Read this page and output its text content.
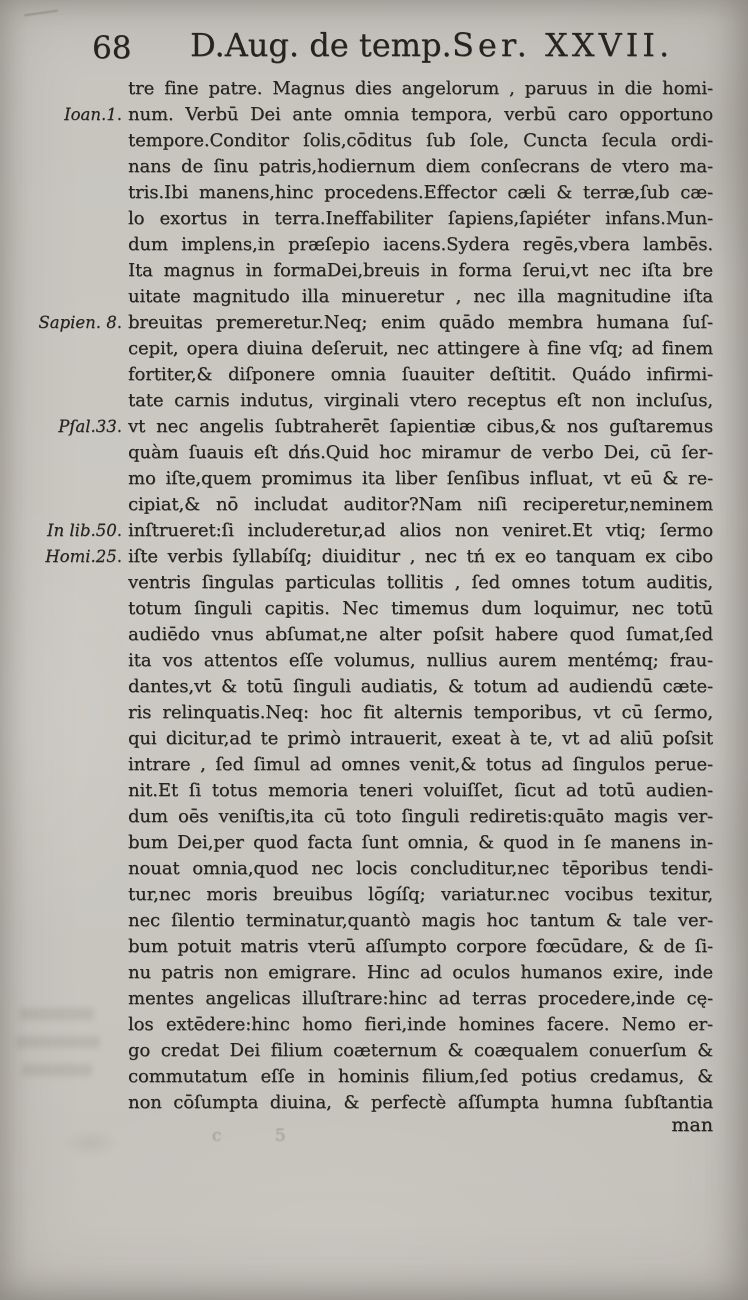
68 D.Aug. de temp. Ser. XXVII.
Ioan.1.
Sapien. 8.
Pſal.33.
In lib.50.
Homi.25.
tre fine patre. Magnus dies angelorum , paruus in die homi-
num. Verbū Dei ante omnia tempora, verbū caro opportuno
tempore.Conditor ſolis,cōditus ſub ſole, Cuncta ſecula ordi-
nans de ſinu patris,hodiernum diem conſecrans de vtero ma-
tris.Ibi manens,hinc procedens.Effector cæli & terræ,ſub cæ-
lo exortus in terra.Ineffabiliter ſapiens,ſapiéter infans.Mun-
dum implens,in præſepio iacens.Sydera regēs,vbera lambēs.
Ita magnus in formaDei,breuis in forma ſerui,vt nec iſta bre
uitate magnitudo illa minueretur , nec illa magnitudine iſta
breuitas premeretur.Neq; enim quādo membra humana ſuſ-
cepit, opera diuina deſeruit, nec attingere à fine vſq; ad finem
fortiter,& diſponere omnia ſuauiter deſtitit. Quádo infirmi-
tate carnis indutus, virginali vtero receptus eſt non incluſus,
vt nec angelis ſubtraherēt ſapientiæ cibus,& nos guſtaremus
quàm ſuauis eſt dńs.Quid hoc miramur de verbo Dei, cū ſer-
mo iſte,quem promimus ita liber ſenſibus influat, vt eū & re-
cipiat,& nō includat auditor?Nam niſi reciperetur,neminem
inſtrueret:ſi includeretur,ad alios non veniret.Et vtiq; ſermo
iſte verbis ſyllabíſq; diuiditur , nec tń ex eo tanquam ex cibo
ventris ſingulas particulas tollitis , ſed omnes totum auditis,
totum ſinguli capitis. Nec timemus dum loquimur, nec totū
audiēdo vnus abſumat,ne alter poſsit habere quod ſumat,ſed
ita vos attentos eſſe volumus, nullius aurem mentémq; frau-
dantes,vt & totū ſinguli audiatis, & totum ad audiendū cæte-
ris relinquatis.Neq: hoc fit alternis temporibus, vt cū ſermo,
qui dicitur,ad te primò intrauerit, exeat à te, vt ad aliū poſsit
intrare , ſed ſimul ad omnes venit,& totus ad ſingulos perue-
nit.Et ſi totus memoria teneri voluiſſet, ſicut ad totū audien-
dum oēs veniſtis,ita cū toto ſinguli rediretis:quāto magis ver-
bum Dei,per quod facta ſunt omnia, & quod in ſe manens in-
nouat omnia,quod nec locis concluditur,nec tēporibus tendi-
tur,nec moris breuibus lōgíſq; variatur.nec vocibus texitur,
nec ſilentio terminatur,quantò magis hoc tantum & tale ver-
bum potuit matris vterū aſſumpto corpore fœcūdare, & de ſi-
nu patris non emigrare. Hinc ad oculos humanos exire, inde
mentes angelicas illuſtrare:hinc ad terras procedere,inde cę-
los extēdere:hinc homo fieri,inde homines facere. Nemo er-
go credat Dei filium coæternum & coæqualem conuerſum &
commutatum eſſe in hominis filium,ſed potius credamus, &
non cōſumpta diuina, & perfectè aſſumpta humna ſubſtantia
man
c 5
